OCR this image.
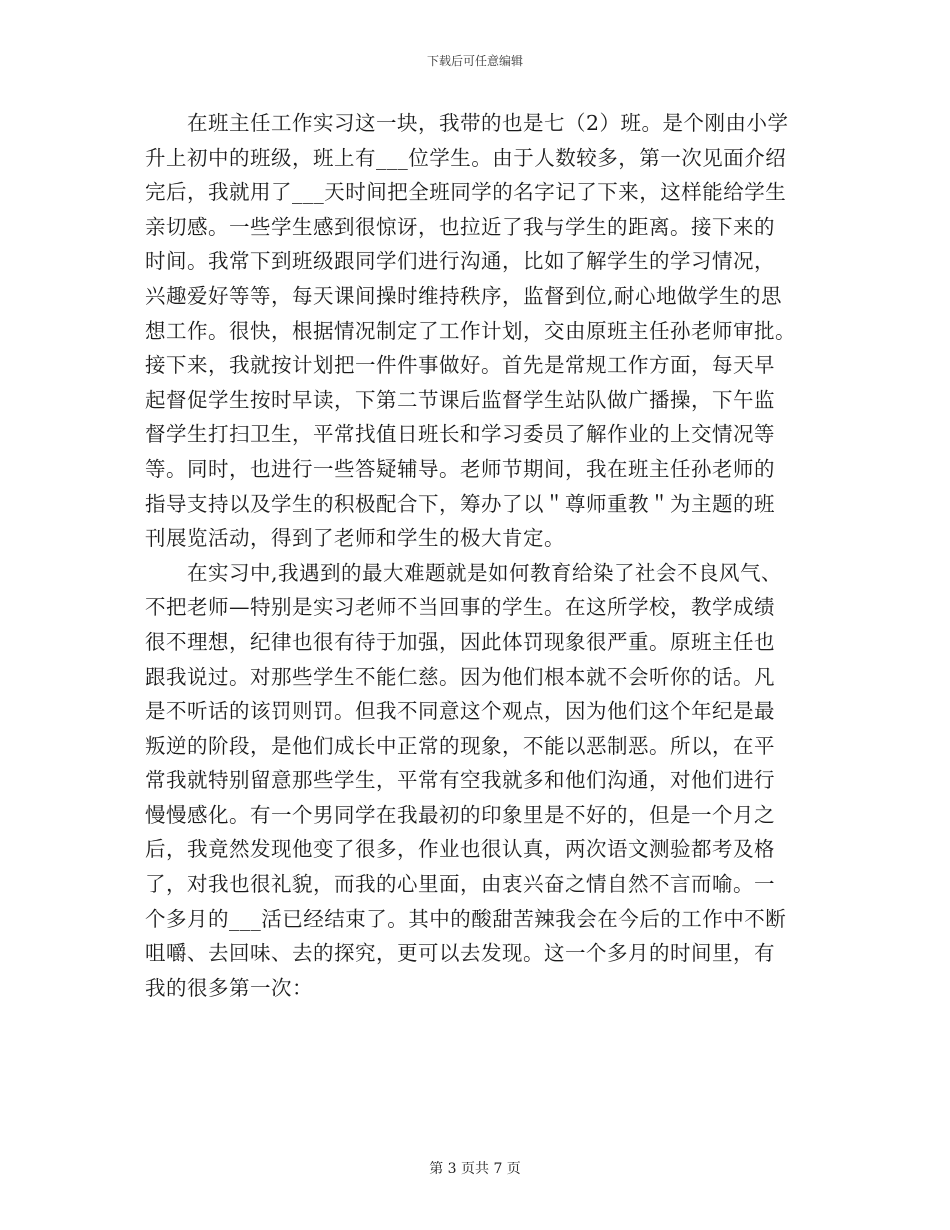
下载后可任意编辑
在班主任工作实习这一块，我带的也是七（2）班。是个刚由小学
升上初中的班级，班上有___位学生。由于人数较多，第一次见面介绍
完后，我就用了___天时间把全班同学的名字记了下来，这样能给学生
亲切感。一些学生感到很惊讶，也拉近了我与学生的距离。接下来的
时间。我常下到班级跟同学们进行沟通，比如了解学生的学习情况，
兴趣爱好等等，每天课间操时维持秩序，监督到位,耐心地做学生的思
想工作。很快，根据情况制定了工作计划，交由原班主任孙老师审批。
接下来，我就按计划把一件件事做好。首先是常规工作方面，每天早
起督促学生按时早读，下第二节课后监督学生站队做广播操，下午监
督学生打扫卫生，平常找值日班长和学习委员了解作业的上交情况等
等。同时，也进行一些答疑辅导。老师节期间，我在班主任孙老师的
指导支持以及学生的积极配合下，筹办了以＂尊师重教＂为主题的班
刊展览活动，得到了老师和学生的极大肯定。
在实习中,我遇到的最大难题就是如何教育给染了社会不良风气、
不把老师—特别是实习老师不当回事的学生。在这所学校，教学成绩
很不理想，纪律也很有待于加强，因此体罚现象很严重。原班主任也
跟我说过。对那些学生不能仁慈。因为他们根本就不会听你的话。凡
是不听话的该罚则罚。但我不同意这个观点，因为他们这个年纪是最
叛逆的阶段，是他们成长中正常的现象，不能以恶制恶。所以，在平
常我就特别留意那些学生，平常有空我就多和他们沟通，对他们进行
慢慢感化。有一个男同学在我最初的印象里是不好的，但是一个月之
后，我竟然发现他变了很多，作业也很认真，两次语文测验都考及格
了，对我也很礼貌，而我的心里面，由衷兴奋之情自然不言而喻。一
个多月的___活已经结束了。其中的酸甜苦辣我会在今后的工作中不断
咀嚼、去回味、去的探究，更可以去发现。这一个多月的时间里，有
我的很多第一次：
第 3 页共 7 页
